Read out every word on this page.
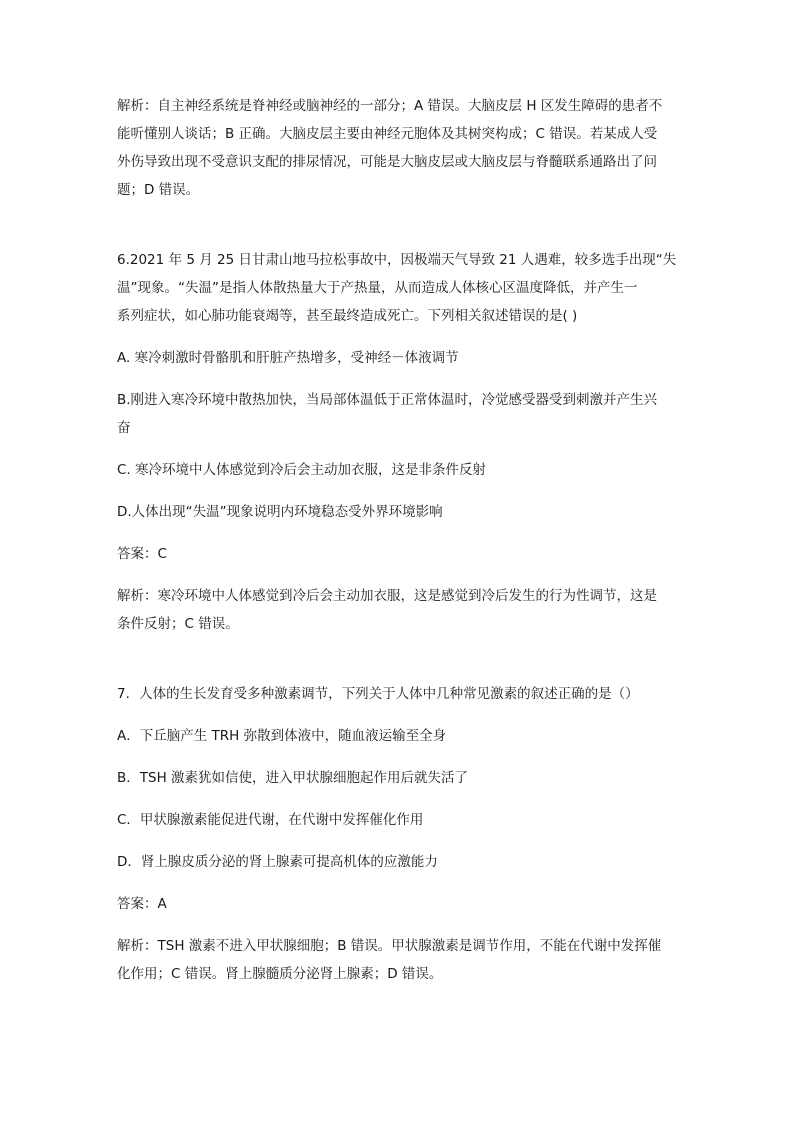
解析：自主神经系统是脊神经或脑神经的一部分；A 错误。大脑皮层 H 区发生障碍的患者不
能听懂别人谈话；B 正确。大脑皮层主要由神经元胞体及其树突构成；C 错误。若某成人受
外伤导致出现不受意识支配的排尿情况，可能是大脑皮层或大脑皮层与脊髓联系通路出了问
题；D 错误。

6.2021 年 5 月 25 日甘肃山地马拉松事故中，因极端天气导致 21 人遇难，较多选手出现“失
温”现象。“失温”是指人体散热量大于产热量，从而造成人体核心区温度降低，并产生一
系列症状，如心肺功能衰竭等，甚至最终造成死亡。下列相关叙述错误的是( )

A. 寒冷刺激时骨骼肌和肝脏产热增多，受神经－体液调节

B.刚进入寒冷环境中散热加快，当局部体温低于正常体温时，冷觉感受器受到刺激并产生兴
奋

C. 寒冷环境中人体感觉到冷后会主动加衣服，这是非条件反射

D.人体出现“失温”现象说明内环境稳态受外界环境影响

答案：C

解析：寒冷环境中人体感觉到冷后会主动加衣服，这是感觉到冷后发生的行为性调节，这是
条件反射；C 错误。

7．人体的生长发育受多种激素调节，下列关于人体中几种常见激素的叙述正确的是（）

A．下丘脑产生 TRH 弥散到体液中，随血液运输至全身

B．TSH 激素犹如信使，进入甲状腺细胞起作用后就失活了

C．甲状腺激素能促进代谢，在代谢中发挥催化作用

D．肾上腺皮质分泌的肾上腺素可提高机体的应激能力

答案：A

解析：TSH 激素不进入甲状腺细胞；B 错误。甲状腺激素是调节作用，不能在代谢中发挥催
化作用；C 错误。肾上腺髓质分泌肾上腺素；D 错误。
